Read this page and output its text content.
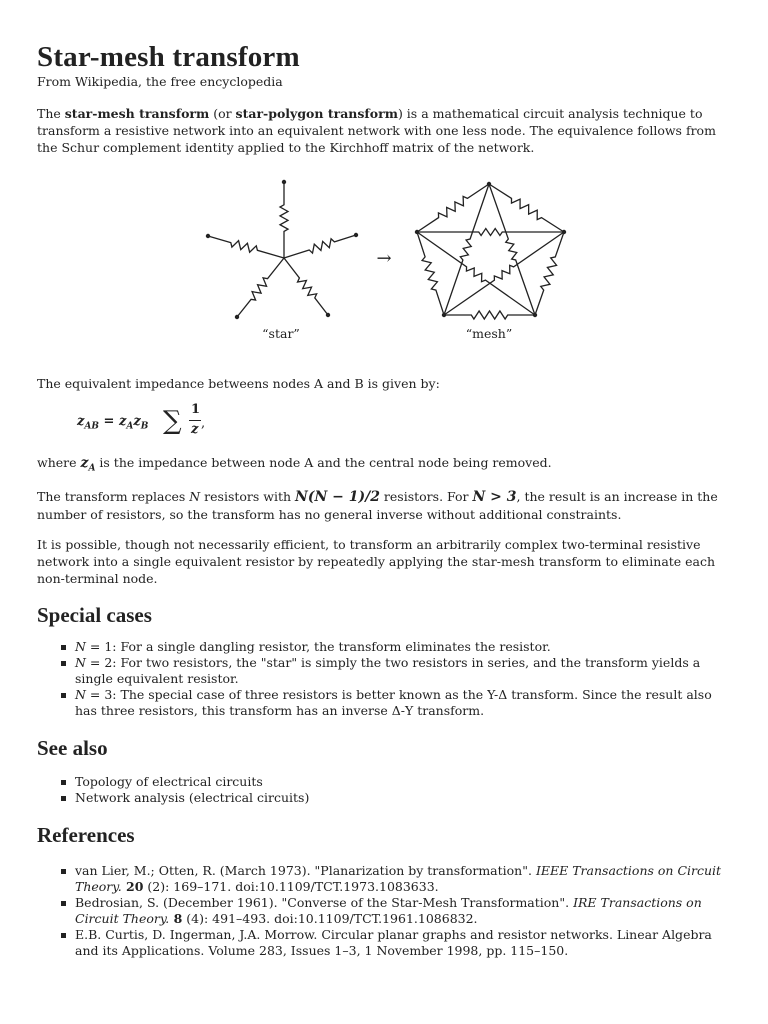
Star-mesh transform
From Wikipedia, the free encyclopedia

The star-mesh transform (or star-polygon transform) is a mathematical circuit analysis technique to transform a resistive network into an equivalent network with one less node. The equivalence follows from the Schur complement identity applied to the Kirchhoff matrix of the network.

→
“star”	“mesh”

The equivalent impedance betweens nodes A and B is given by:

$z_{AB} = z_Az_B$ ∑ 1
z ,

where $z_A$ is the impedance between node A and the central node being removed.

The transform replaces N resistors with N(N − 1)/2 resistors. For N > 3, the result is an increase in the number of resistors, so the transform has no general inverse without additional constraints.

It is possible, though not necessarily efficient, to transform an arbitrarily complex two-terminal resistive network into a single equivalent resistor by repeatedly applying the star-mesh transform to eliminate each non-terminal node.

Special cases
N = 1: For a single dangling resistor, the transform eliminates the resistor.
N = 2: For two resistors, the "star" is simply the two resistors in series, and the transform yields a single equivalent resistor.
N = 3: The special case of three resistors is better known as the Y-Δ transform. Since the result also has three resistors, this transform has an inverse Δ-Y transform.
See also
Topology of electrical circuits
Network analysis (electrical circuits)
References
van Lier, M.; Otten, R. (March 1973). "Planarization by transformation". IEEE Transactions on Circuit Theory. 20 (2): 169–171. doi:10.1109/TCT.1973.1083633.
Bedrosian, S. (December 1961). "Converse of the Star-Mesh Transformation". IRE Transactions on Circuit Theory. 8 (4): 491–493. doi:10.1109/TCT.1961.1086832.
E.B. Curtis, D. Ingerman, J.A. Morrow. Circular planar graphs and resistor networks. Linear Algebra and its Applications. Volume 283, Issues 1–3, 1 November 1998, pp. 115–150.
